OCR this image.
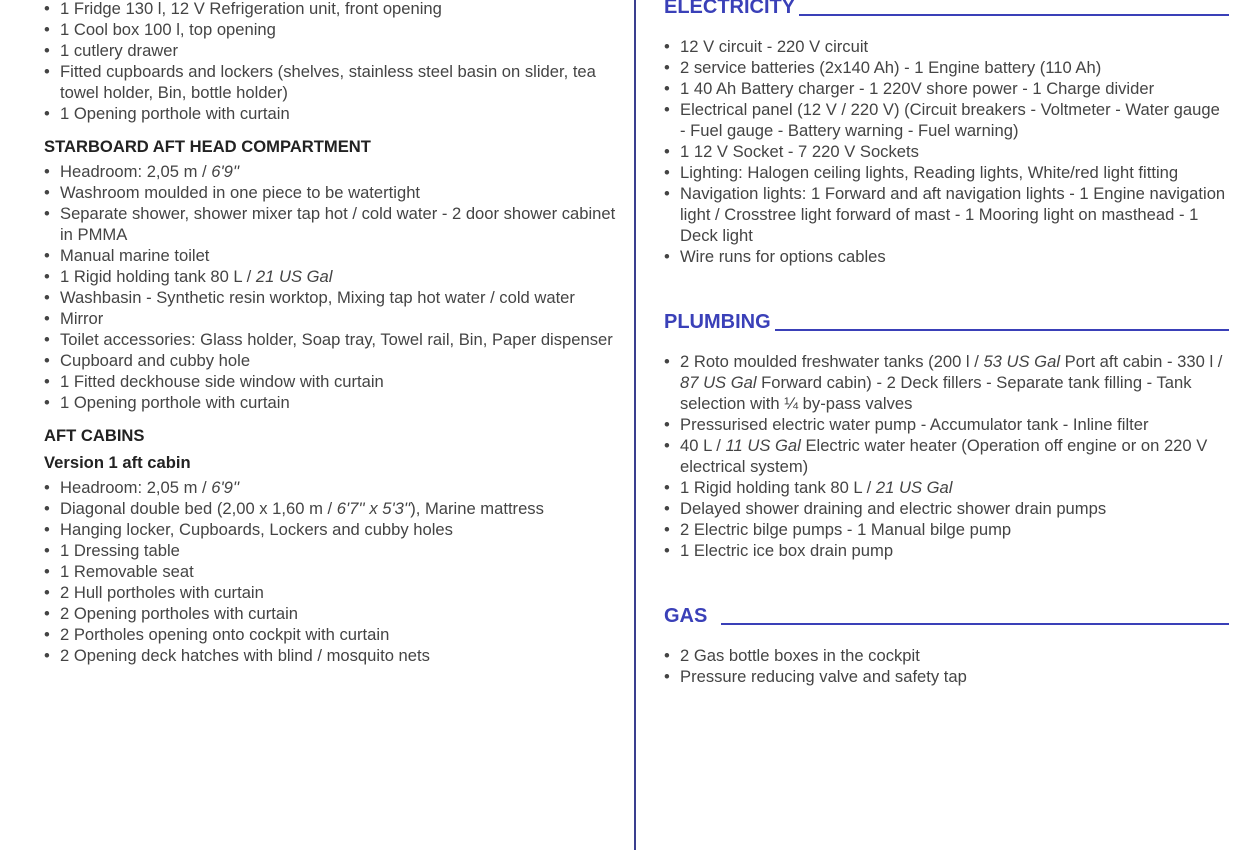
• 1 Fridge 130 l, 12 V Refrigeration unit, front opening
• 1 Cool box 100 l, top opening
• 1 cutlery drawer
• Fitted cupboards and lockers (shelves, stainless steel basin on slider, tea towel holder, Bin, bottle holder)
• 1 Opening porthole with curtain
STARBOARD AFT HEAD COMPARTMENT
• Headroom: 2,05 m / 6'9''
• Washroom moulded in one piece to be watertight
• Separate shower, shower mixer tap hot / cold water - 2 door shower cabinet in PMMA
• Manual marine toilet
• 1 Rigid holding tank 80 L / 21 US Gal
• Washbasin - Synthetic resin worktop, Mixing tap hot water / cold water
• Mirror
• Toilet accessories: Glass holder, Soap tray, Towel rail, Bin, Paper dispenser
• Cupboard and cubby hole
• 1 Fitted deckhouse side window with curtain
• 1 Opening porthole with curtain
AFT CABINS
Version 1 aft cabin
• Headroom: 2,05 m / 6'9''
• Diagonal double bed (2,00 x 1,60 m / 6'7'' x 5'3''), Marine mattress
• Hanging locker, Cupboards, Lockers and cubby holes
• 1 Dressing table
• 1 Removable seat
• 2 Hull portholes with curtain
• 2 Opening portholes with curtain
• 2 Portholes opening onto cockpit with curtain
• 2 Opening deck hatches with blind / mosquito nets
ELECTRICITY
• 12 V circuit - 220 V circuit
• 2 service batteries (2x140 Ah) - 1 Engine battery (110 Ah)
• 1 40 Ah Battery charger - 1 220V shore power - 1 Charge divider
• Electrical panel (12 V / 220 V) (Circuit breakers - Voltmeter - Water gauge - Fuel gauge - Battery warning - Fuel warning)
• 1 12 V Socket - 7 220 V Sockets
• Lighting: Halogen ceiling lights, Reading lights, White/red light fitting
• Navigation lights: 1 Forward and aft navigation lights - 1 Engine navigation light / Crosstree light forward of mast - 1 Mooring light on masthead - 1 Deck light
• Wire runs for options cables
PLUMBING
• 2 Roto moulded freshwater tanks (200 l / 53 US Gal Port aft cabin - 330 l / 87 US Gal Forward cabin) - 2 Deck fillers - Separate tank filling - Tank selection with ¼ by-pass valves
• Pressurised electric water pump - Accumulator tank - Inline filter
• 40 L / 11 US Gal Electric water heater (Operation off engine or on 220 V electrical system)
• 1 Rigid holding tank 80 L / 21 US Gal
• Delayed shower draining and electric shower drain pumps
• 2 Electric bilge pumps - 1 Manual bilge pump
• 1 Electric ice box drain pump
GAS
• 2 Gas bottle boxes in the cockpit
• Pressure reducing valve and safety tap
